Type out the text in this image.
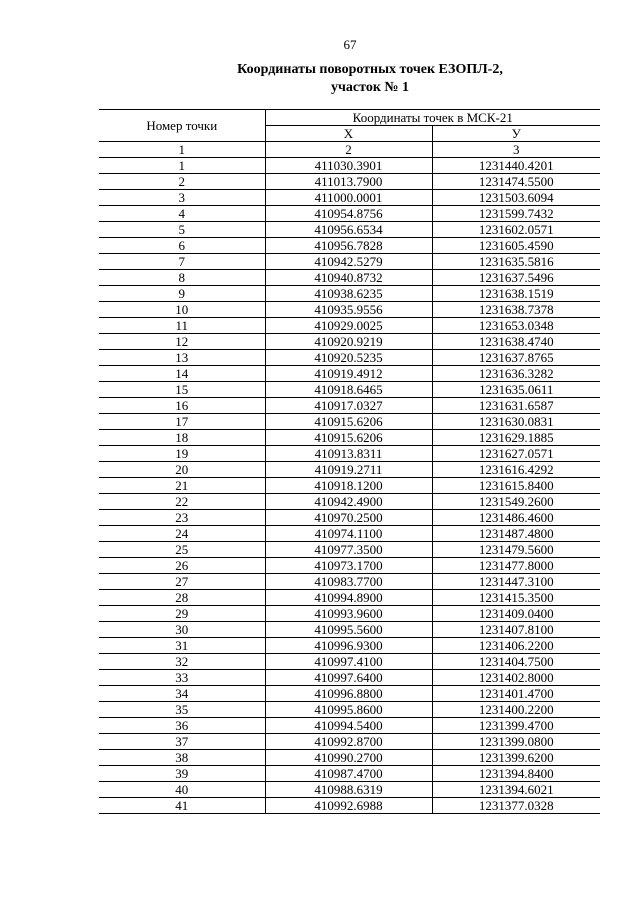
67
Координаты поворотных точек ЕЗОПЛ-2,
участок № 1
Номер точки	Координаты точек в МСК-21	
	X	У
1	2	3
1	411030.3901	1231440.4201
2	411013.7900	1231474.5500
3	411000.0001	1231503.6094
4	410954.8756	1231599.7432
5	410956.6534	1231602.0571
6	410956.7828	1231605.4590
7	410942.5279	1231635.5816
8	410940.8732	1231637.5496
9	410938.6235	1231638.1519
10	410935.9556	1231638.7378
11	410929.0025	1231653.0348
12	410920.9219	1231638.4740
13	410920.5235	1231637.8765
14	410919.4912	1231636.3282
15	410918.6465	1231635.0611
16	410917.0327	1231631.6587
17	410915.6206	1231630.0831
18	410915.6206	1231629.1885
19	410913.8311	1231627.0571
20	410919.2711	1231616.4292
21	410918.1200	1231615.8400
22	410942.4900	1231549.2600
23	410970.2500	1231486.4600
24	410974.1100	1231487.4800
25	410977.3500	1231479.5600
26	410973.1700	1231477.8000
27	410983.7700	1231447.3100
28	410994.8900	1231415.3500
29	410993.9600	1231409.0400
30	410995.5600	1231407.8100
31	410996.9300	1231406.2200
32	410997.4100	1231404.7500
33	410997.6400	1231402.8000
34	410996.8800	1231401.4700
35	410995.8600	1231400.2200
36	410994.5400	1231399.4700
37	410992.8700	1231399.0800
38	410990.2700	1231399.6200
39	410987.4700	1231394.8400
40	410988.6319	1231394.6021
41	410992.6988	1231377.0328
